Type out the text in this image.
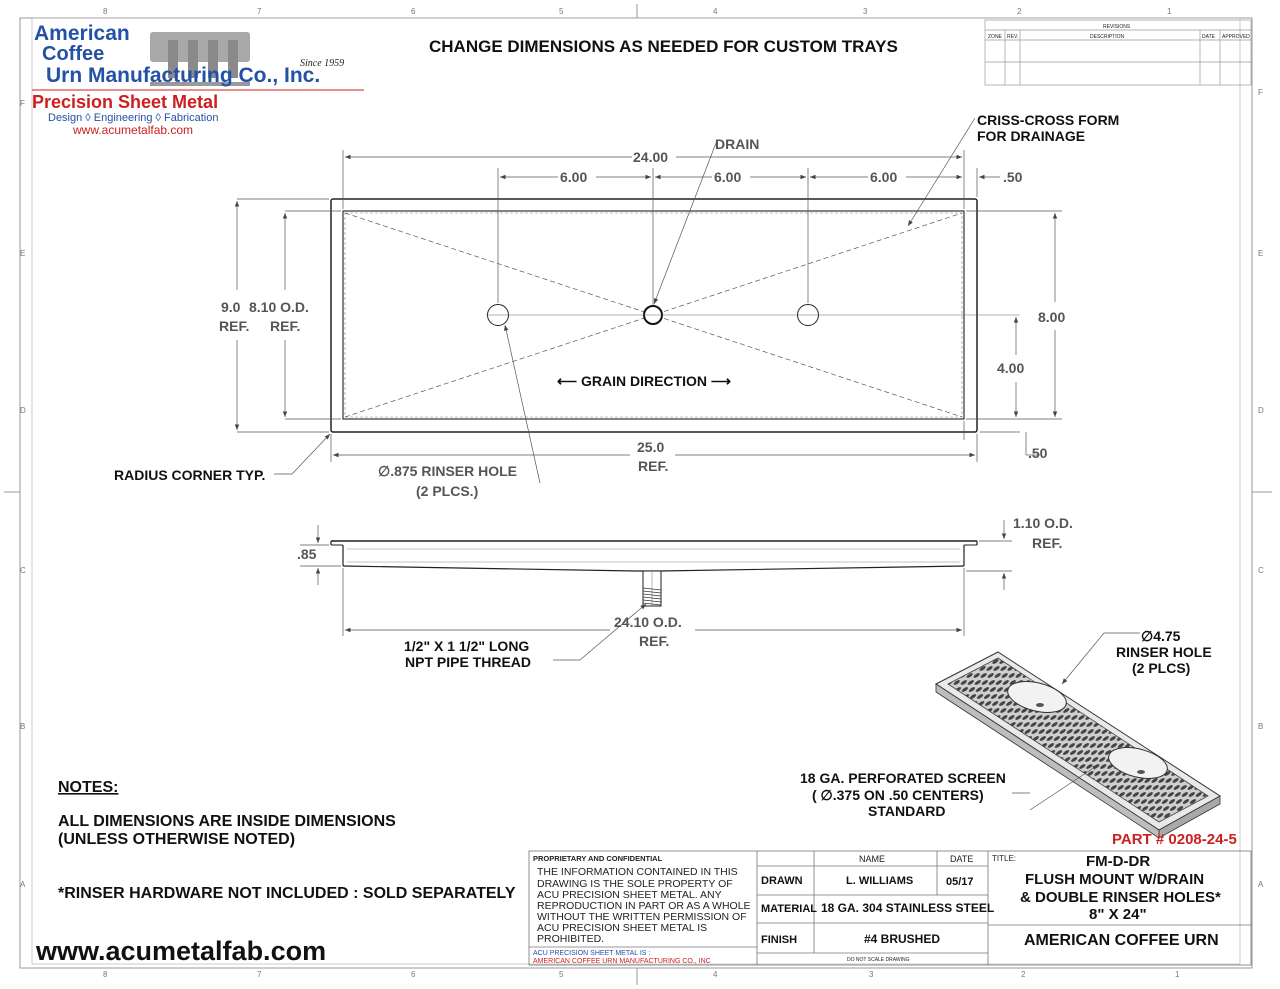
8	7	6	5	4	3	2	1
8	7	6	5	4	3	2	1
F
E
D
C
B
A
F
E
D
C
B
A
American
Coffee
Urn Manufacturing Co., Inc.
Since 1959
Precision Sheet Metal
Design ◊ Engineering ◊ Fabrication
www.acumetalfab.com
CHANGE DIMENSIONS AS NEEDED FOR CUSTOM TRAYS
REVISIONS
ZONE REV.	DESCRIPTION	DATE APPROVED
CRISS-CROSS FORM
FOR DRAINAGE
DRAIN
24.00
6.00	6.00	6.00	.50
9.0
REF.
8.10 O.D.
REF.
8.00
4.00
⟵ GRAIN DIRECTION ⟶
25.0
REF.
.50
RADIUS CORNER TYP.	∅.875 RINSER HOLE
(2 PLCS.)
.85
1.10 O.D.
REF.
24.10 O.D.
REF.
1/2" X 1 1/2" LONG
NPT PIPE THREAD
∅4.75
RINSER HOLE
(2 PLCS)
18 GA. PERFORATED SCREEN
( ∅.375 ON .50 CENTERS)
STANDARD
NOTES:
ALL DIMENSIONS ARE INSIDE DIMENSIONS
(UNLESS OTHERWISE NOTED)
*RINSER HARDWARE NOT INCLUDED : SOLD SEPARATELY
www.acumetalfab.com
PART # 0208-24-5
PROPRIETARY AND CONFIDENTIAL
THE INFORMATION CONTAINED IN THIS
DRAWING IS THE SOLE PROPERTY OF
ACU PRECISION SHEET METAL. ANY
REPRODUCTION IN PART OR AS A WHOLE
WITHOUT THE WRITTEN PERMISSION OF
ACU PRECISION SHEET METAL IS
PROHIBITED.
ACU PRECISION SHEET METAL IS :
AMERICAN COFFEE URN MANUFACTURING CO., INC
NAME	DATE
DRAWN	L. WILLIAMS	05/17
MATERIAL 18 GA. 304 STAINLESS STEEL
FINISH	#4 BRUSHED
DO NOT SCALE DRAWING
TITLE:	FM-D-DR
FLUSH MOUNT W/DRAIN
& DOUBLE RINSER HOLES*
8" X 24"
AMERICAN COFFEE URN
